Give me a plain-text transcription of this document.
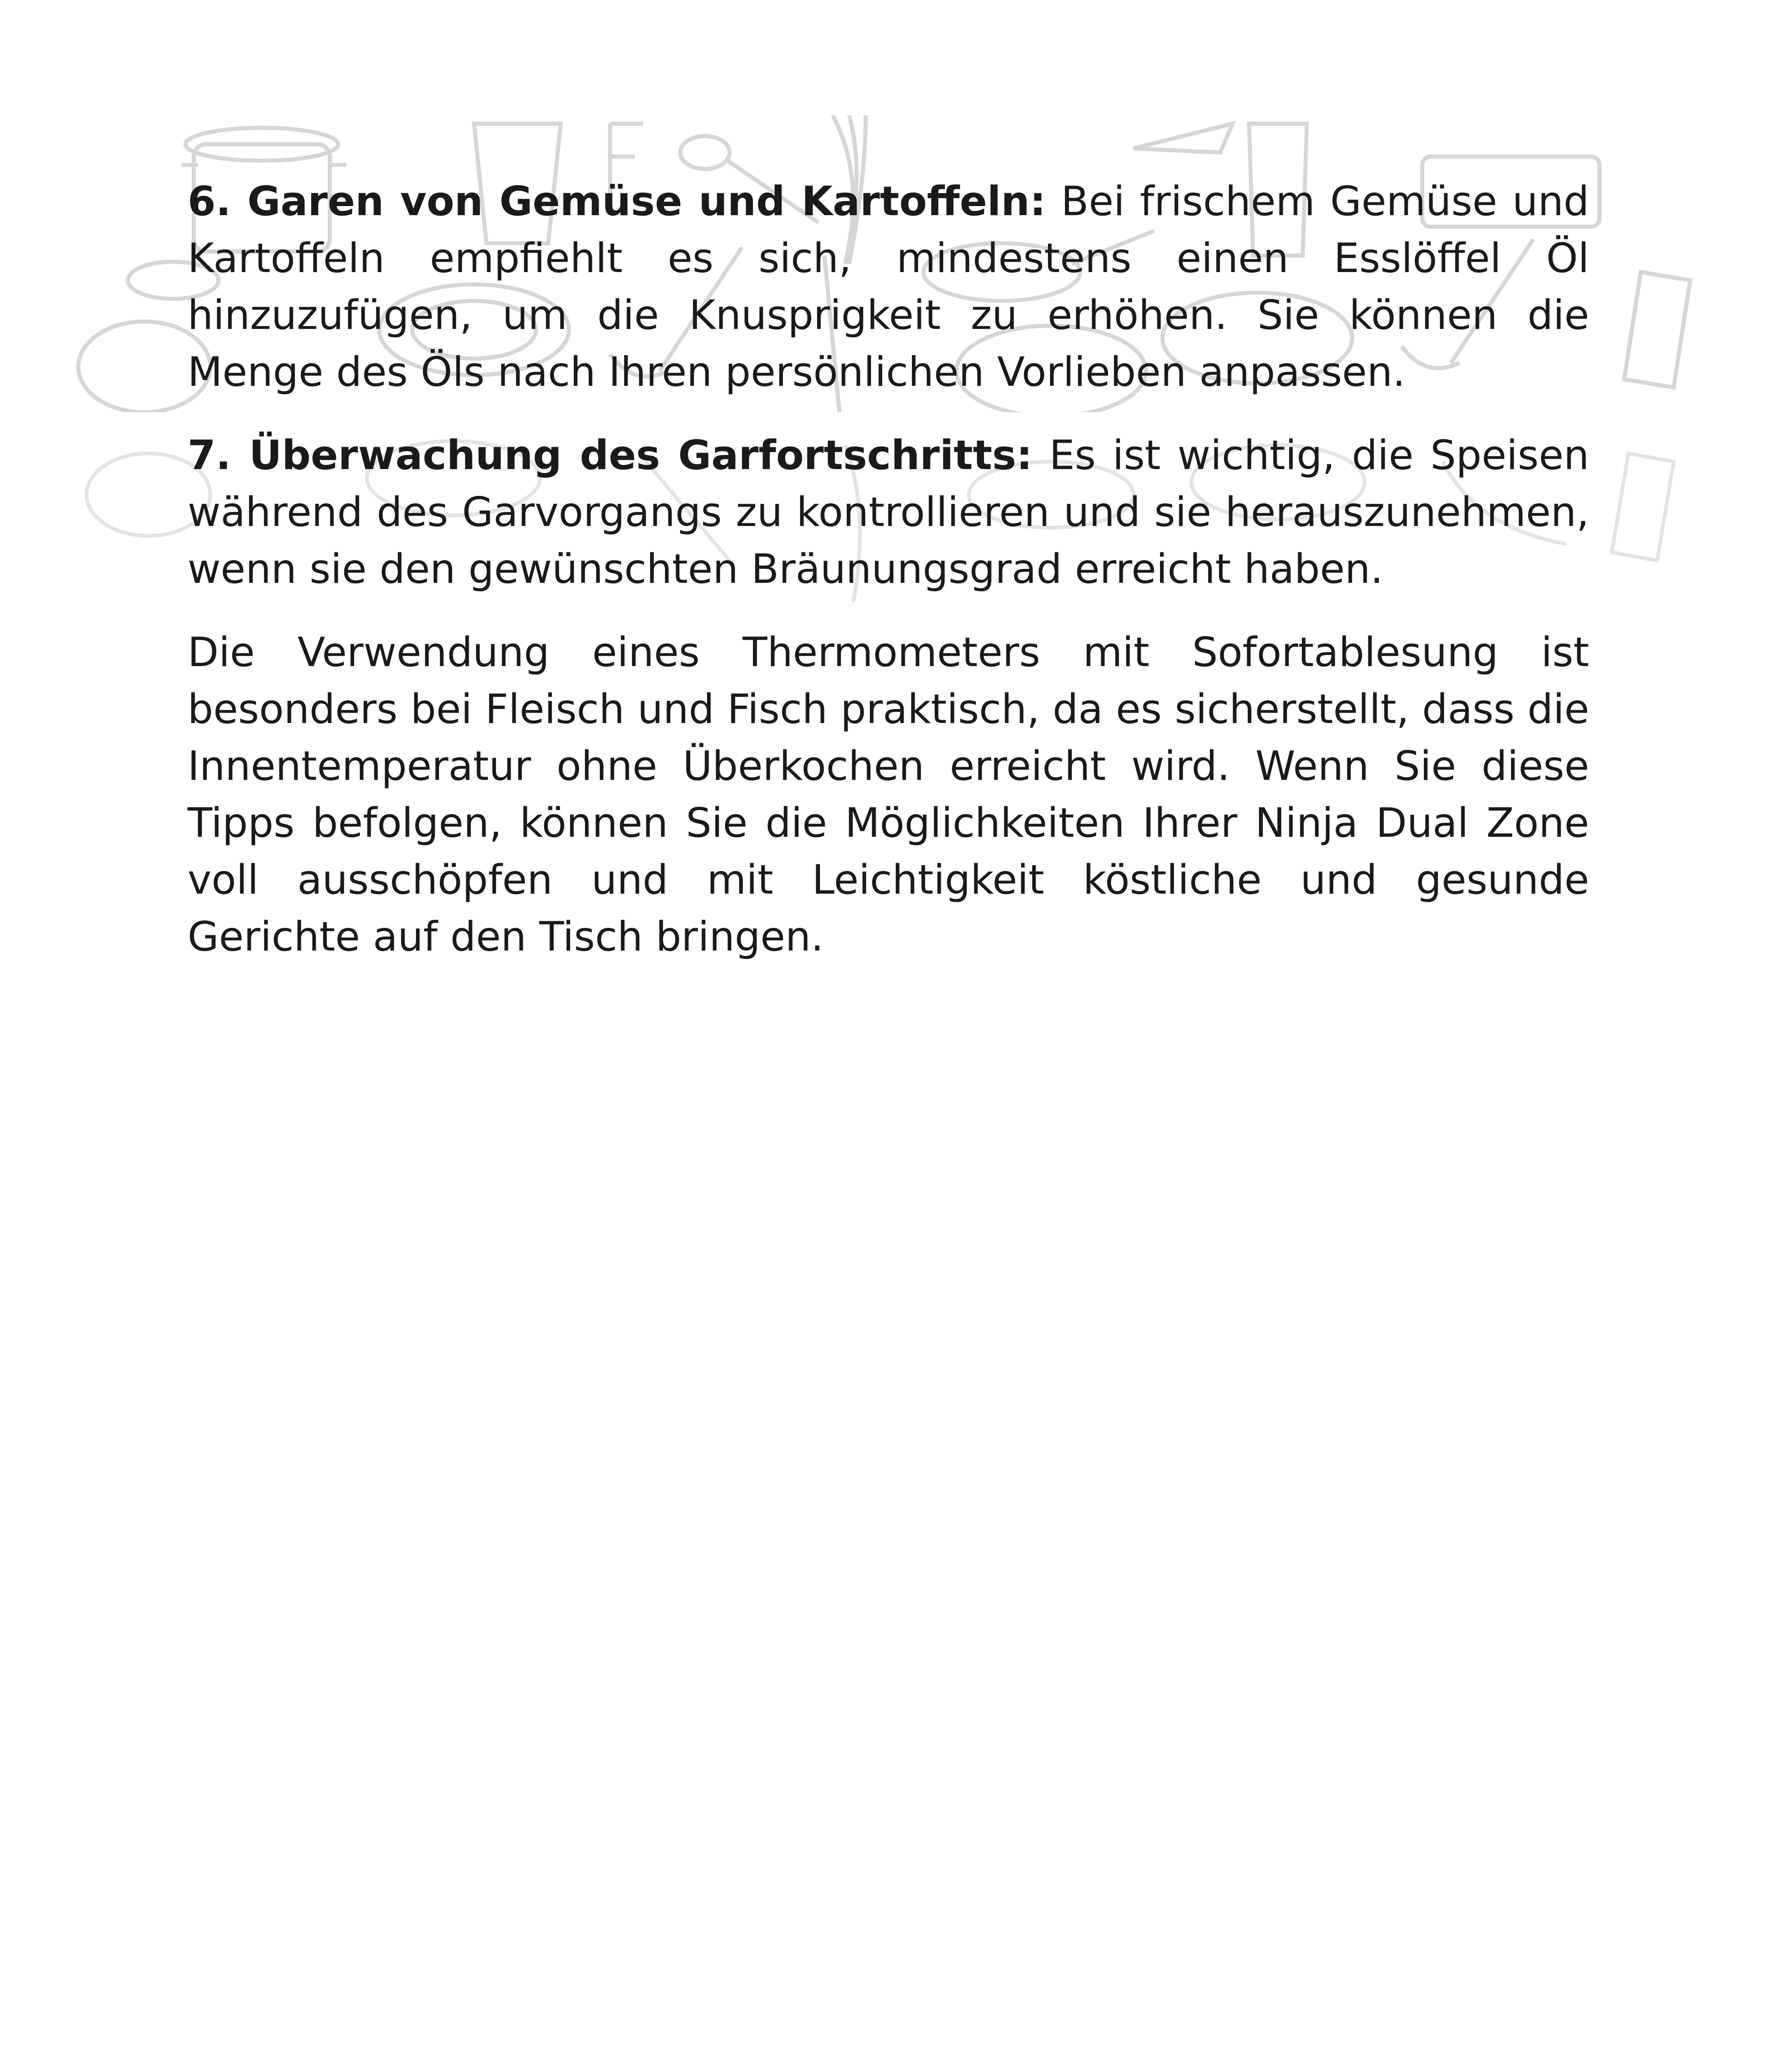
6. Garen von Gemüse und Kartoffeln: Bei frischem Gemüse und Kartoffeln empfiehlt es sich, mindestens einen Esslöffel Öl hinzuzufügen, um die Knusprigkeit zu erhöhen. Sie können die Menge des Öls nach Ihren persönlichen Vorlieben anpassen.

7. Überwachung des Garfortschritts: Es ist wichtig, die Speisen während des Garvorgangs zu kontrollieren und sie herauszunehmen, wenn sie den gewünschten Bräunungsgrad erreicht haben.

Die Verwendung eines Thermometers mit Sofortablesung ist besonders bei Fleisch und Fisch praktisch, da es sicherstellt, dass die Innentemperatur ohne Überkochen erreicht wird. Wenn Sie diese Tipps befolgen, können Sie die Möglichkeiten Ihrer Ninja Dual Zone voll ausschöpfen und mit Leichtigkeit köstliche und gesunde Gerichte auf den Tisch bringen.
